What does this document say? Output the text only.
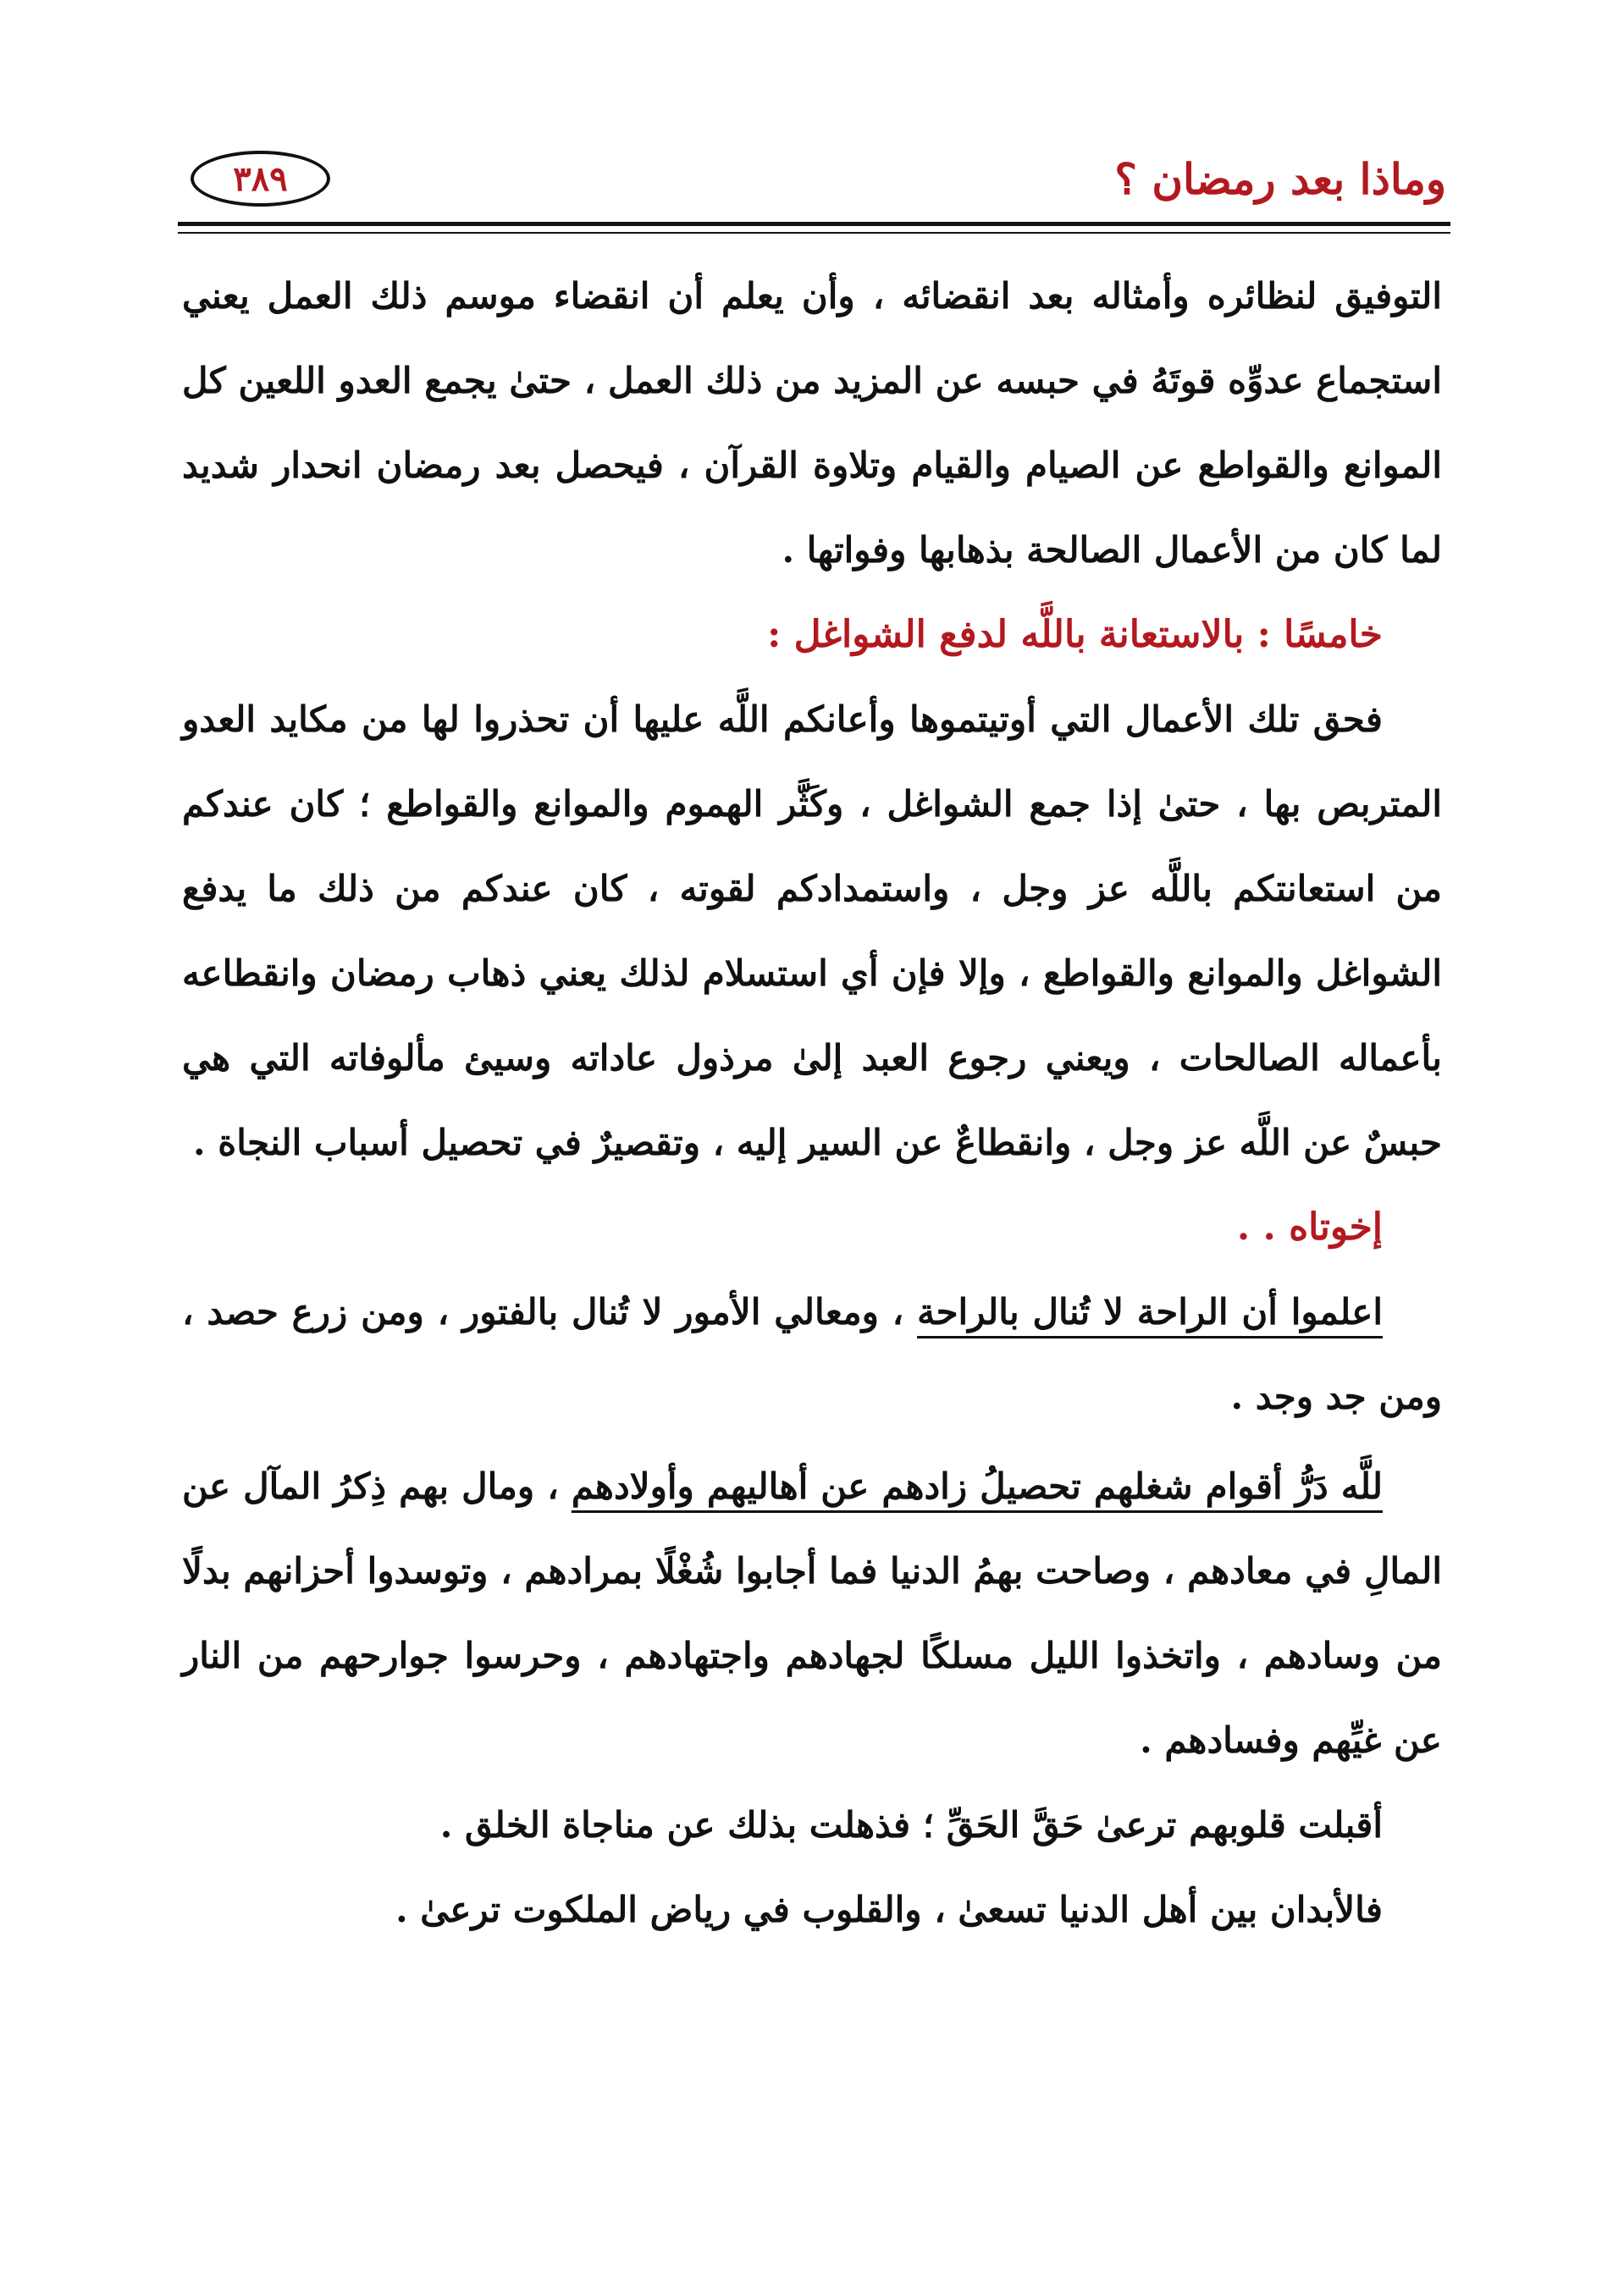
وماذا بعد رمضان ؟
٣٨٩

التوفيق لنظائره وأمثاله بعد انقضائه ، وأن يعلم أن انقضاء موسم ذلك العمل يعني استجماع عدوِّه قوتَهُ في حبسه عن المزيد من ذلك العمل ، حتىٰ يجمع العدو اللعين كل الموانع والقواطع عن الصيام والقيام وتلاوة القرآن ، فيحصل بعد رمضان انحدار شديد لما كان من الأعمال الصالحة بذهابها وفواتها .

خامسًا : بالاستعانة باللَّه لدفع الشواغل :

فحق تلك الأعمال التي أوتيتموها وأعانكم اللَّه عليها أن تحذروا لها من مكايد العدو المتربص بها ، حتىٰ إذا جمع الشواغل ، وكَثَّر الهموم والموانع والقواطع ؛ كان عندكم من استعانتكم باللَّه عز وجل ، واستمدادكم لقوته ، كان عندكم من ذلك ما يدفع الشواغل والموانع والقواطع ، وإلا فإن أي استسلام لذلك يعني ذهاب رمضان وانقطاعه بأعماله الصالحات ، ويعني رجوع العبد إلىٰ مرذول عاداته وسيئ مألوفاته التي هي حبسٌ عن اللَّه عز وجل ، وانقطاعٌ عن السير إليه ، وتقصيرٌ في تحصيل أسباب النجاة .

إخوتاه . .

اعلموا أن الراحة لا تُنال بالراحة ، ومعالي الأمور لا تُنال بالفتور ، ومن زرع حصد ، ومن جد وجد .

للَّه دَرُّ أقوام شغلهم تحصيلُ زادهم عن أهاليهم وأولادهم ، ومال بهم ذِكرُ المآل عن المالِ في معادهم ، وصاحت بهمُ الدنيا فما أجابوا شُغْلًا بمرادهم ، وتوسدوا أحزانهم بدلًا من وسادهم ، واتخذوا الليل مسلكًا لجهادهم واجتهادهم ، وحرسوا جوارحهم من النار عن غيِّهم وفسادهم .

أقبلت قلوبهم ترعىٰ حَقَّ الحَقِّ ؛ فذهلت بذلك عن مناجاة الخلق .

فالأبدان بين أهل الدنيا تسعىٰ ، والقلوب في رياض الملكوت ترعىٰ .
